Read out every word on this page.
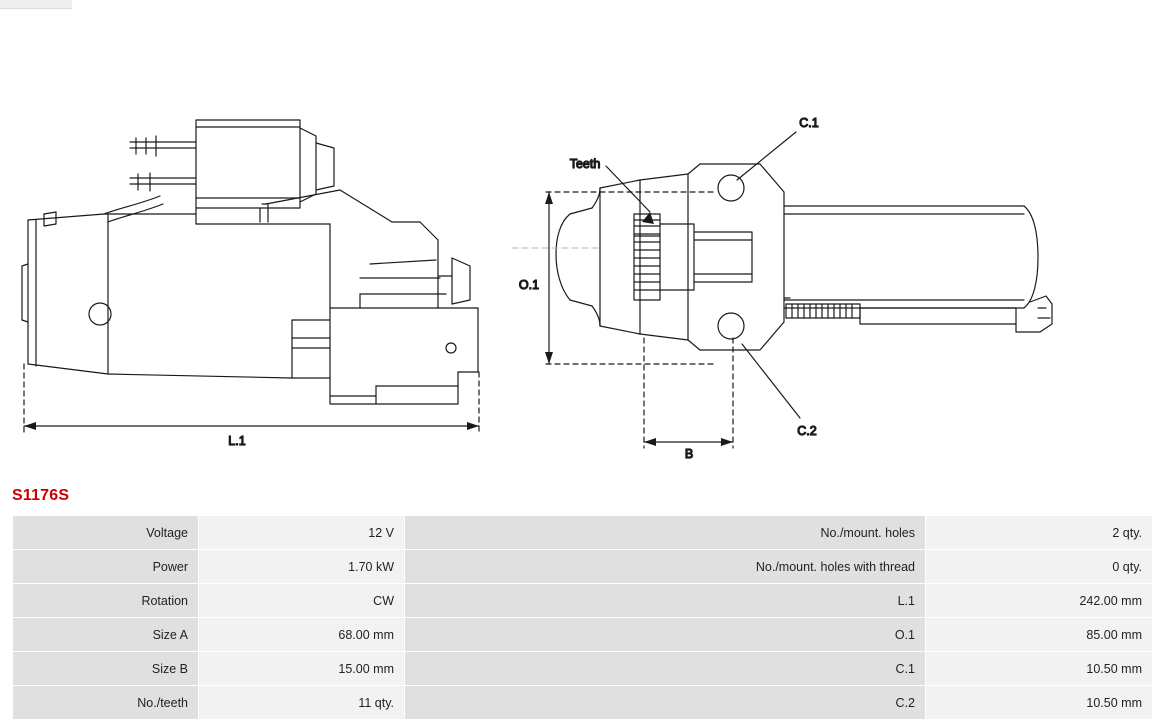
L.1
Teeth
C.1
C.2
O.1
B
S1176S
Voltage	12 V	No./mount. holes	2 qty.
Power	1.70 kW	No./mount. holes with thread	0 qty.
Rotation	CW	L.1	242.00 mm
Size A	68.00 mm	O.1	85.00 mm
Size B	15.00 mm	C.1	10.50 mm
No./teeth	11 qty.	C.2	10.50 mm
